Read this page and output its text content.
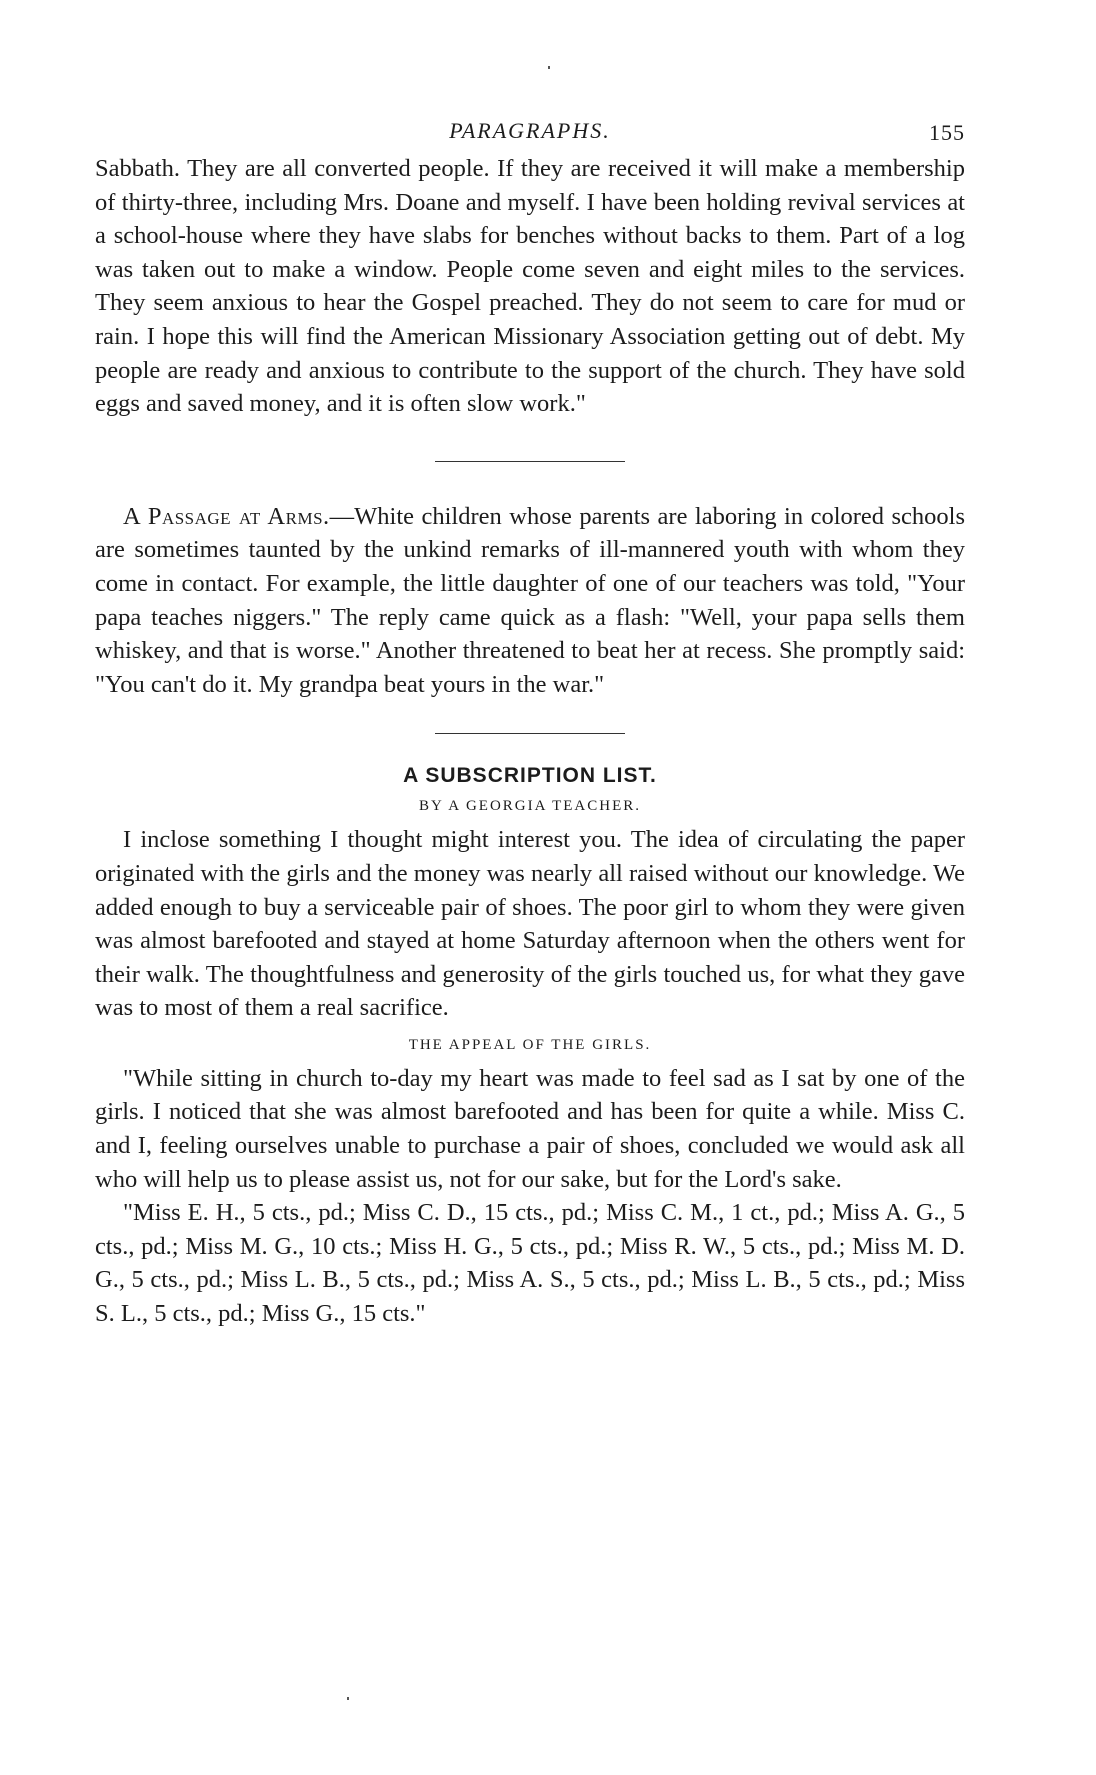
PARAGRAPHS.	155

Sabbath. They are all converted people. If they are received it will make a membership of thirty-three, including Mrs. Doane and myself. I have been holding revival services at a school-house where they have slabs for benches without backs to them. Part of a log was taken out to make a window. People come seven and eight miles to the services. They seem anxious to hear the Gospel preached. They do not seem to care for mud or rain. I hope this will find the American Missionary Association getting out of debt. My people are ready and anxious to contribute to the support of the church. They have sold eggs and saved money, and it is often slow work."

A Passage at Arms.—White children whose parents are laboring in colored schools are sometimes taunted by the unkind remarks of ill-mannered youth with whom they come in contact. For example, the little daughter of one of our teachers was told, "Your papa teaches niggers." The reply came quick as a flash: "Well, your papa sells them whiskey, and that is worse." Another threatened to beat her at recess. She promptly said: "You can't do it. My grandpa beat yours in the war."

A SUBSCRIPTION LIST.
BY A GEORGIA TEACHER.

I inclose something I thought might interest you. The idea of circulating the paper originated with the girls and the money was nearly all raised without our knowledge. We added enough to buy a serviceable pair of shoes. The poor girl to whom they were given was almost barefooted and stayed at home Saturday afternoon when the others went for their walk. The thoughtfulness and generosity of the girls touched us, for what they gave was to most of them a real sacrifice.

THE APPEAL OF THE GIRLS.

"While sitting in church to-day my heart was made to feel sad as I sat by one of the girls. I noticed that she was almost barefooted and has been for quite a while. Miss C. and I, feeling ourselves unable to purchase a pair of shoes, concluded we would ask all who will help us to please assist us, not for our sake, but for the Lord's sake.

"Miss E. H., 5 cts., pd.; Miss C. D., 15 cts., pd.; Miss C. M., 1 ct., pd.; Miss A. G., 5 cts., pd.; Miss M. G., 10 cts.; Miss H. G., 5 cts., pd.; Miss R. W., 5 cts., pd.; Miss M. D. G., 5 cts., pd.; Miss L. B., 5 cts., pd.; Miss A. S., 5 cts., pd.; Miss L. B., 5 cts., pd.; Miss S. L., 5 cts., pd.; Miss G., 15 cts."
